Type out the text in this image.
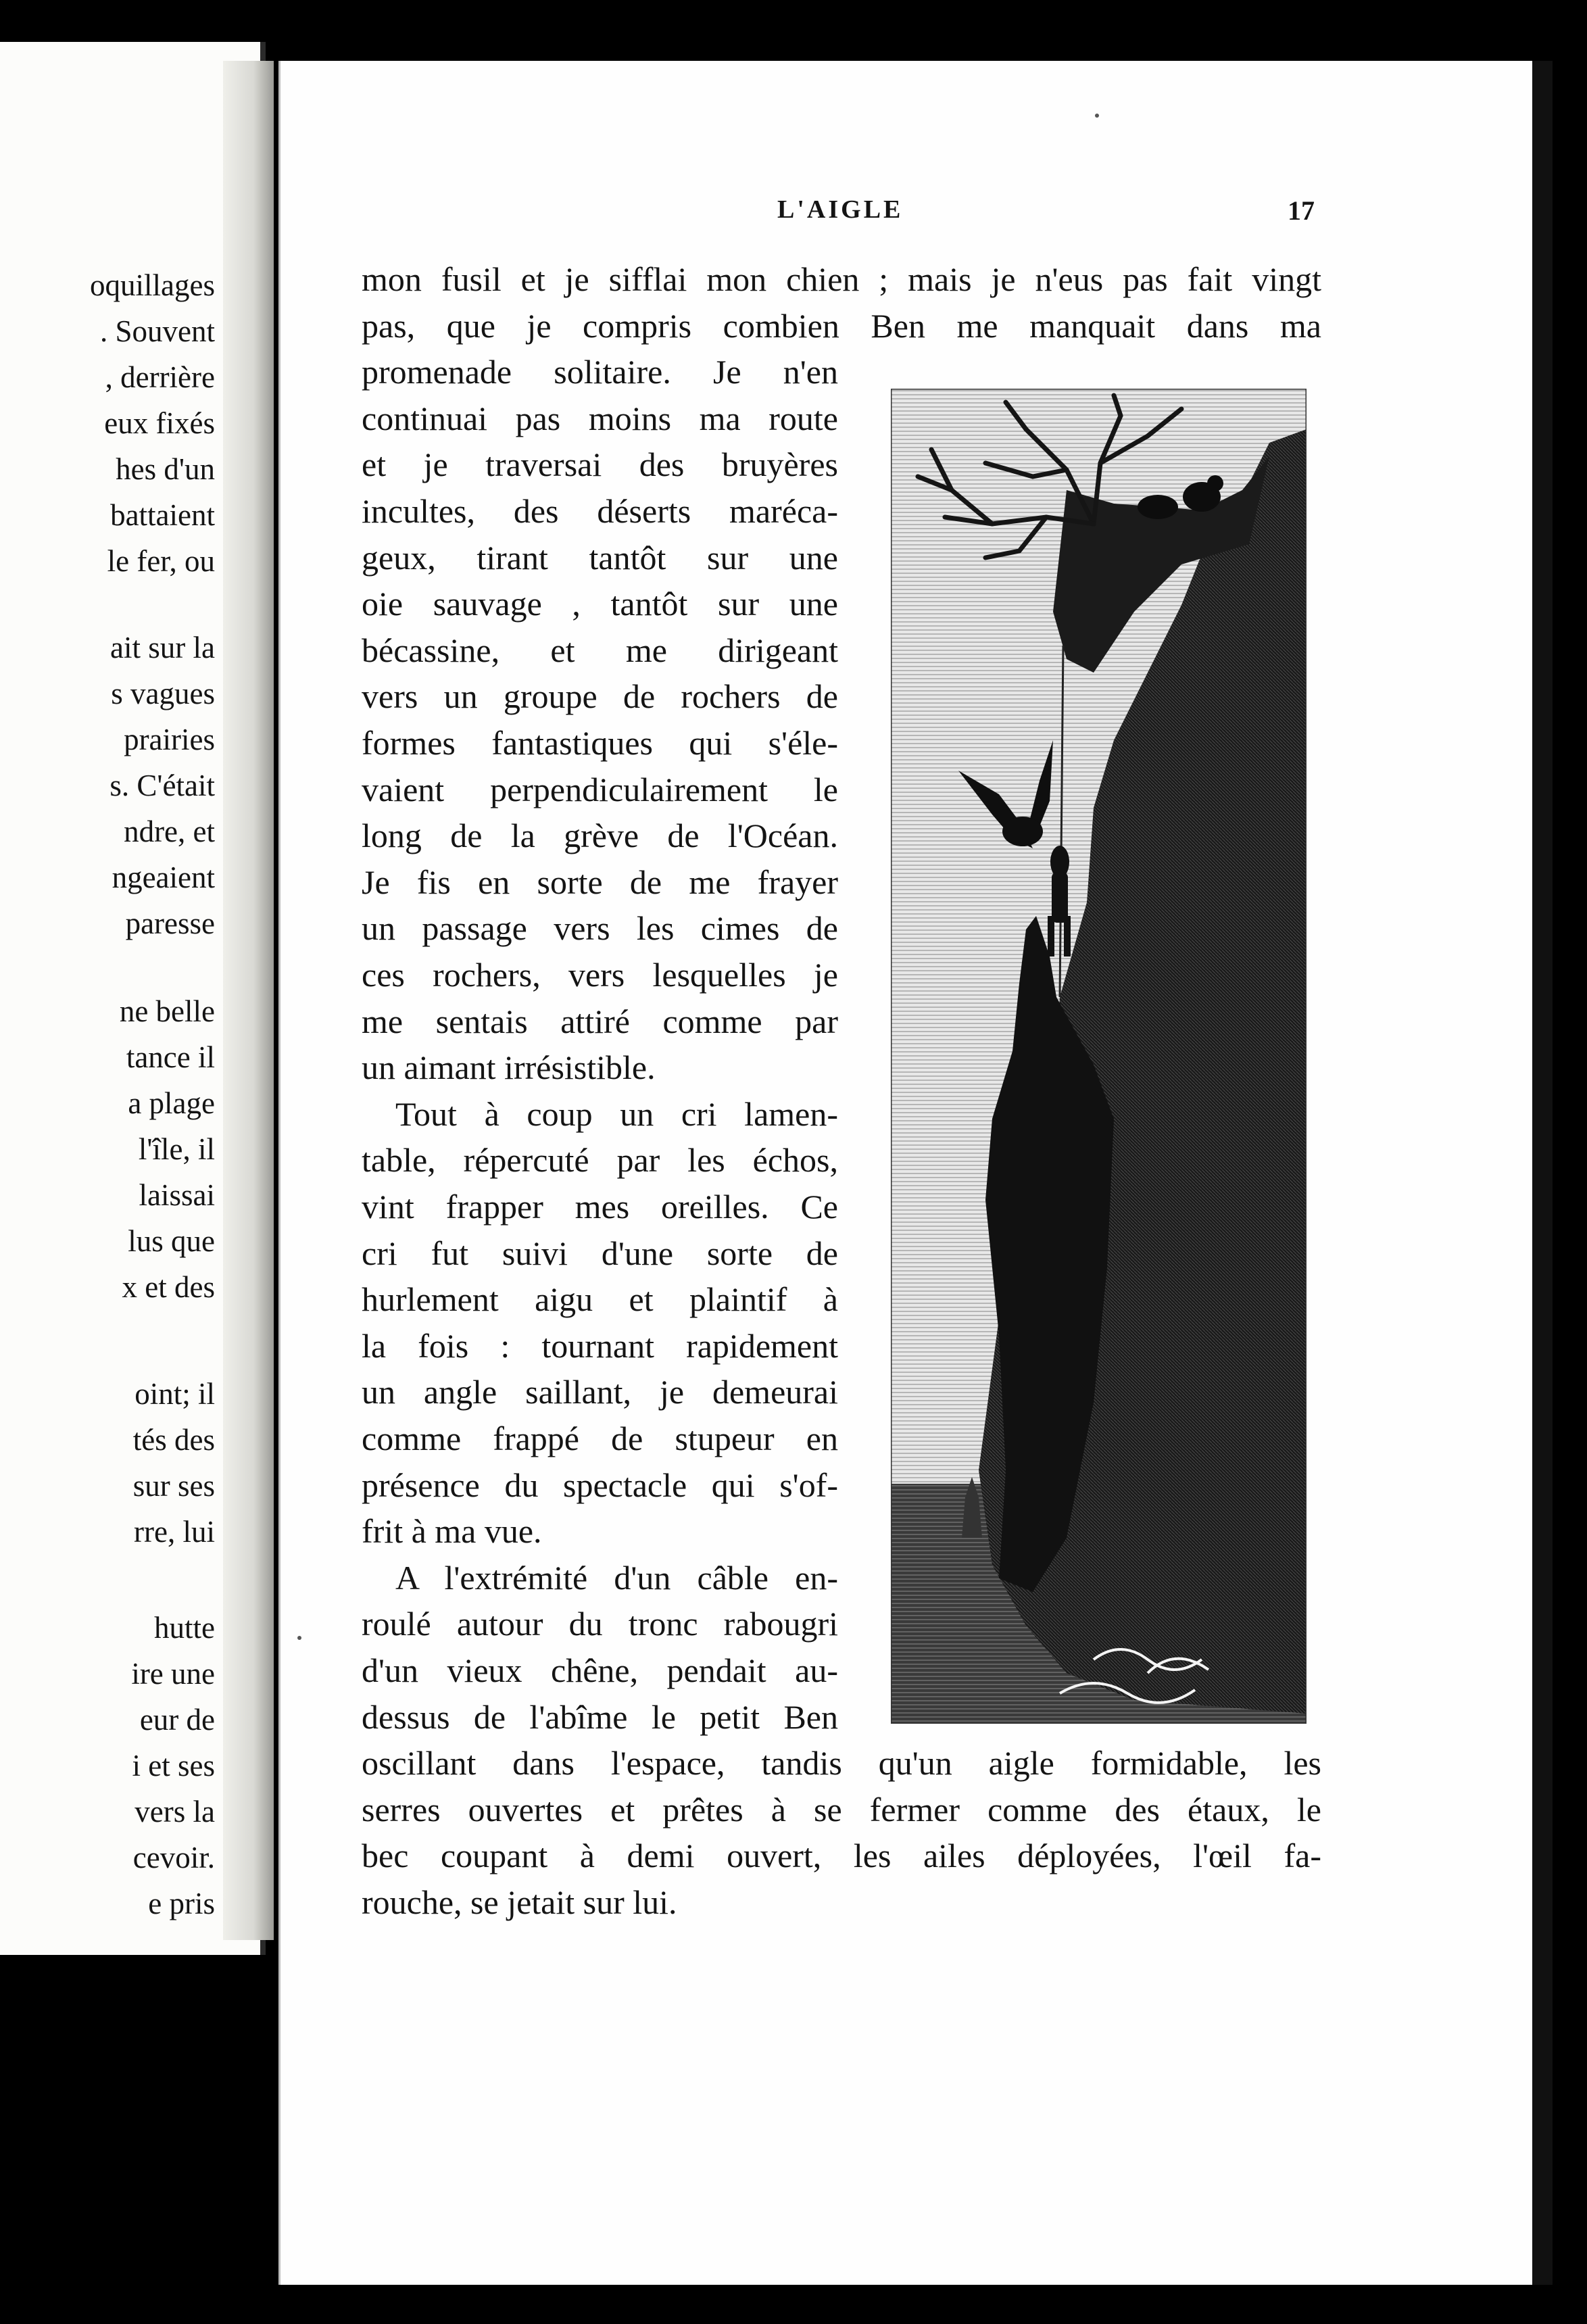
oquillages
. Souvent
, derrière
eux fixés
hes d'un
battaient
le fer, ou
ait sur la
s vagues
prairies
s. C'était
ndre, et
ngeaient
paresse
ne belle
tance il
a plage
l'île, il
laissai
lus que
x et des
oint; il
tés des
sur ses
rre, lui
hutte
ire une
eur de
i et ses
vers la
cevoir.
e pris
L'AIGLE	17
mon fusil et je sifflai mon chien ; mais je n'eus pas fait vingt
pas, que je compris combien Ben me manquait dans ma
promenade solitaire. Je n'en
continuai pas moins ma route
et je traversai des bruyères
incultes, des déserts maréca-
geux, tirant tantôt sur une
oie sauvage , tantôt sur une
bécassine, et me dirigeant
vers un groupe de rochers de
formes fantastiques qui s'éle-
vaient perpendiculairement le
long de la grève de l'Océan.
Je fis en sorte de me frayer
un passage vers les cimes de
ces rochers, vers lesquelles je
me sentais attiré comme par
un aimant irrésistible.
Tout à coup un cri lamen-
table, répercuté par les échos,
vint frapper mes oreilles. Ce
cri fut suivi d'une sorte de
hurlement aigu et plaintif à
la fois : tournant rapidement
un angle saillant, je demeurai
comme frappé de stupeur en
présence du spectacle qui s'of-
frit à ma vue.
A l'extrémité d'un câble en-
roulé autour du tronc rabougri
d'un vieux chêne, pendait au-
dessus de l'abîme le petit Ben
oscillant dans l'espace, tandis qu'un aigle formidable, les
serres ouvertes et prêtes à se fermer comme des étaux, le
bec coupant à demi ouvert, les ailes déployées, l'œil fa-
rouche, se jetait sur lui.
